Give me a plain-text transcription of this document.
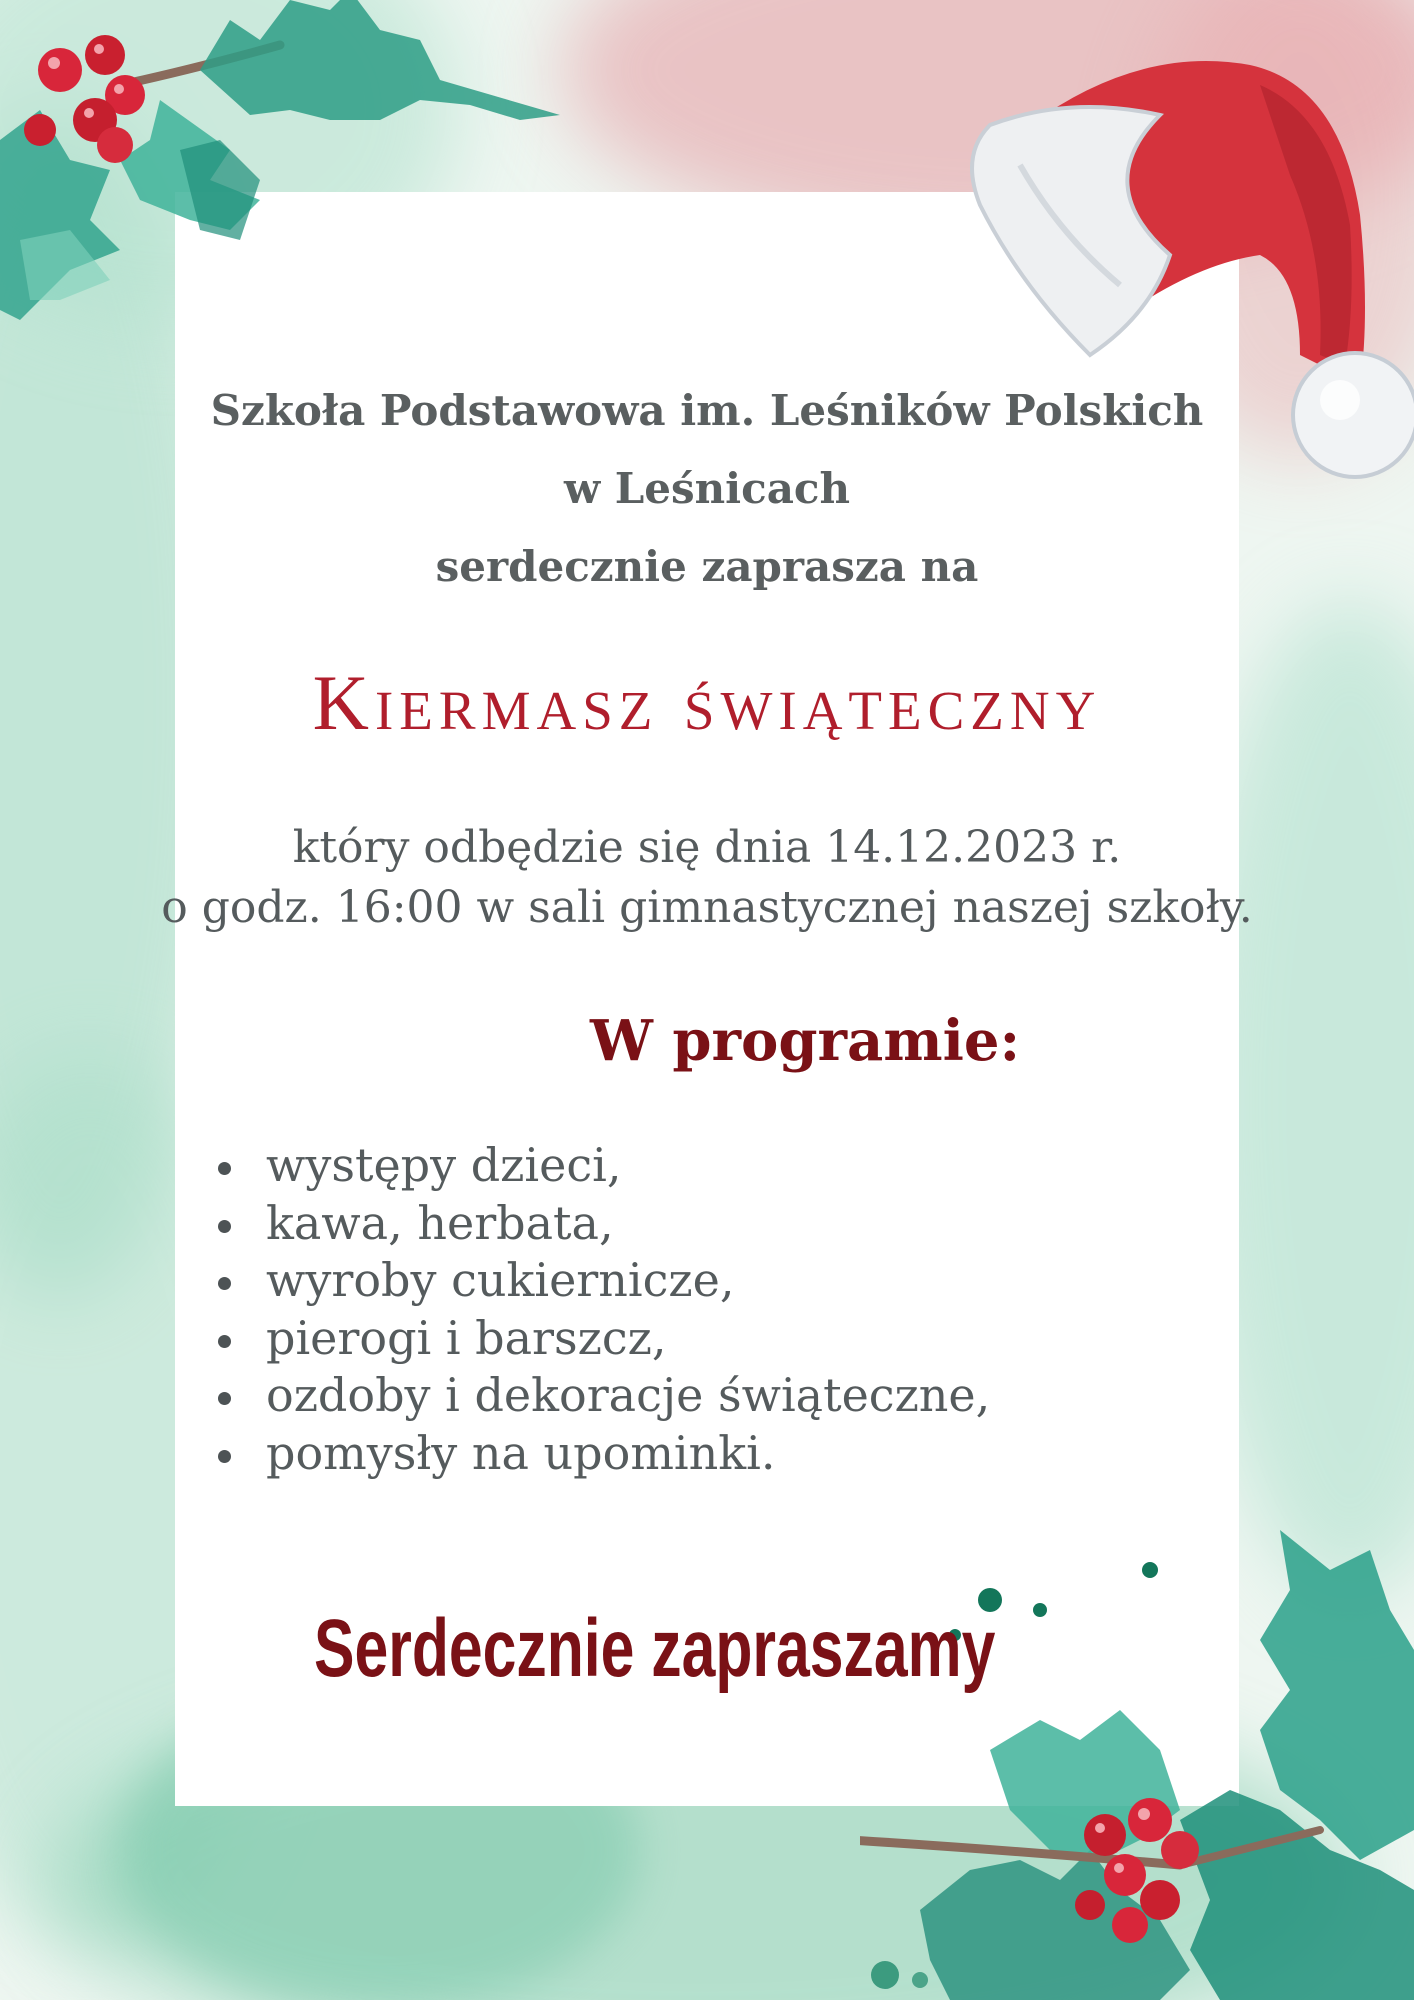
Szkoła Podstawowa im. Leśników Polskich
w Leśnicach
serdecznie zaprasza na
Kiermasz świąteczny
który odbędzie się dnia 14.12.2023 r.
o godz. 16:00 w sali gimnastycznej naszej szkoły.
W programie:
występy dzieci,
kawa, herbata,
wyroby cukiernicze,
pierogi i barszcz,
ozdoby i dekoracje świąteczne,
pomysły na upominki.
Serdecznie zapraszamy
